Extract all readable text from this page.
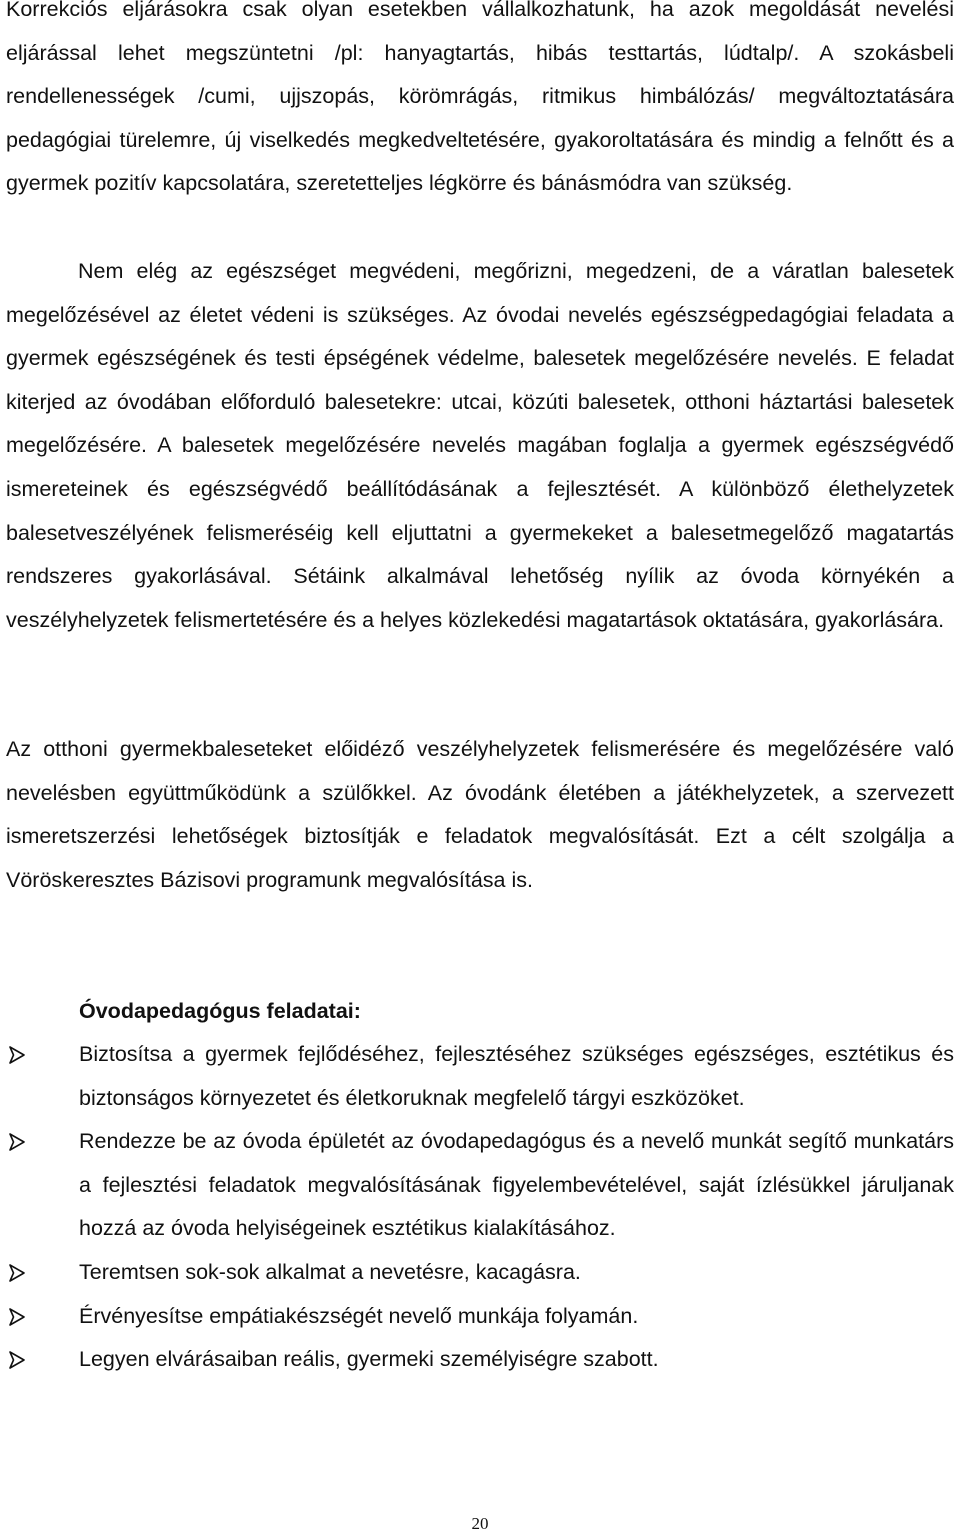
Korrekciós eljárásokra csak olyan esetekben vállalkozhatunk, ha azok megoldását nevelési eljárással lehet megszüntetni /pl: hanyagtartás, hibás testtartás, lúdtalp/. A szokásbeli rendellenességek /cumi, ujjszopás, körömrágás, ritmikus himbálózás/ megváltoztatására pedagógiai türelemre, új viselkedés megkedveltetésére, gyakoroltatására és mindig a felnőtt és a gyermek pozitív kapcsolatára, szeretetteljes légkörre és bánásmódra van szükség.

Nem elég az egészséget megvédeni, megőrizni, megedzeni, de a váratlan balesetek megelőzésével az életet védeni is szükséges. Az óvodai nevelés egészségpedagógiai feladata a gyermek egészségének és testi épségének védelme, balesetek megelőzésére nevelés. E feladat kiterjed az óvodában előforduló balesetekre: utcai, közúti balesetek, otthoni háztartási balesetek megelőzésére. A balesetek megelőzésére nevelés magában foglalja a gyermek egészségvédő ismereteinek és egészségvédő beállítódásának a fejlesztését. A különböző élethelyzetek balesetveszélyének felismeréséig kell eljuttatni a gyermekeket a balesetmegelőző magatartás rendszeres gyakorlásával. Sétáink alkalmával lehetőség nyílik az óvoda környékén a veszélyhelyzetek felismertetésére és a helyes közlekedési magatartások oktatására, gyakorlására.

Az otthoni gyermekbaleseteket előidéző veszélyhelyzetek felismerésére és megelőzésére való nevelésben együttműködünk a szülőkkel. Az óvodánk életében a játékhelyzetek, a szervezett ismeretszerzési lehetőségek biztosítják e feladatok megvalósítását. Ezt a célt szolgálja a Vöröskeresztes Bázisovi programunk megvalósítása is.

Óvodapedagógus feladatai:

Biztosítsa a gyermek fejlődéséhez, fejlesztéséhez szükséges egészséges, esztétikus és biztonságos környezetet és életkoruknak megfelelő tárgyi eszközöket.
Rendezze be az óvoda épületét az óvodapedagógus és a nevelő munkát segítő munkatárs a fejlesztési feladatok megvalósításának figyelembevételével, saját ízlésükkel járuljanak hozzá az óvoda helyiségeinek esztétikus kialakításához.
Teremtsen sok-sok alkalmat a nevetésre, kacagásra.
Érvényesítse empátiakészségét nevelő munkája folyamán.
Legyen elvárásaiban reális, gyermeki személyiségre szabott.
20
